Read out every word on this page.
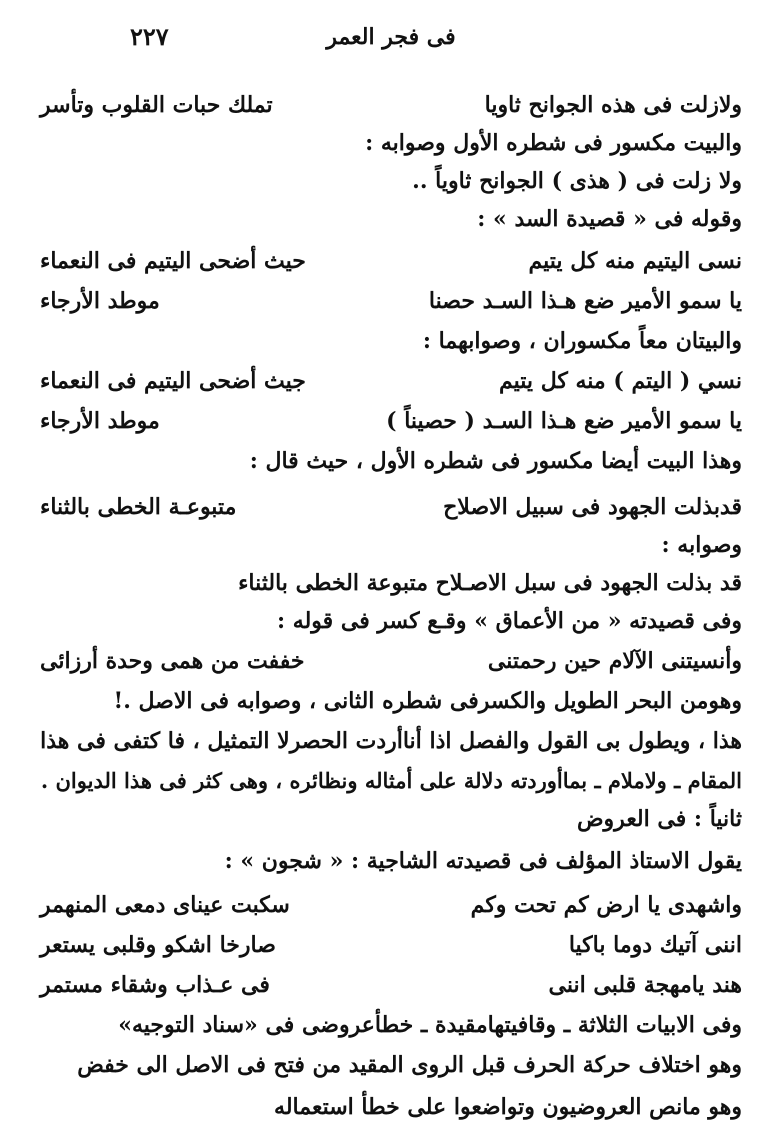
فى فجر العمر
٢٢٧
ولازلت فى هذه الجوانح ثاويا
تملك حبات القلوب وتأسر
والبيت مكسور فى شطره الأول وصوابه :
ولا زلت فى ( هذى ) الجوانح ثاوياً ..
وقوله فى « قصيدة السد » :
نسى اليتيم منه كل يتيم
حيث أضحى اليتيم فى النعماء
يا سمو الأمير ضع هـذا السـد حصنا
موطد الأرجاء
والبيتان معاً مكسوران ، وصوابهما :
نسي ( اليتم ) منه كل يتيم
جيث أضحى اليتيم فى النعماء
يا سمو الأمير ضع هـذا السـد ( حصيناً )
موطد الأرجاء
وهذا البيت أيضا مكسور فى شطره الأول ، حيث قال :
قدبذلت الجهود فى سبيل الاصلاح
متبوعـة الخطى بالثناء
وصوابه :
قد بذلت الجهود فى سبل الاصـلاح متبوعة الخطى بالثناء
وفى قصيدته « من الأعماق » وقـع كسر فى قوله :
وأنسيتنى الآلام حين رحمتنى
خففت من همى وحدة أرزائى
وهومن البحر الطويل والكسرفى شطره الثانى ، وصوابه فى الاصل .!
هذا ، ويطول بى القول والفصل اذا أناأردت الحصرلا التمثيل ، فا كتفى فى هذا
المقام ـ ولاملام ـ بماأوردته دلالة على أمثاله ونظائره ، وهى كثر فى هذا الديوان .
ثانياً : فى العروض
يقول الاستاذ المؤلف فى قصيدته الشاجية : « شجون » :
واشهدى يا ارض كم تحت وكم
سكبت عيناى دمعى المنهمر
اننى آتيك دوما باكيا
صارخا اشكو وقلبى يستعر
هند يامهجة قلبى اننى
فى عـذاب وشقاء مستمر
وفى الابيات الثلاثة ـ وقافيتهامقيدة ـ خطأعروضى فى «سناد التوجيه»
وهو اختلاف حركة الحرف قبل الروى المقيد من فتح فى الاصل الى خفض
وهو مانص العروضيون وتواضعوا على خطأ استعماله
